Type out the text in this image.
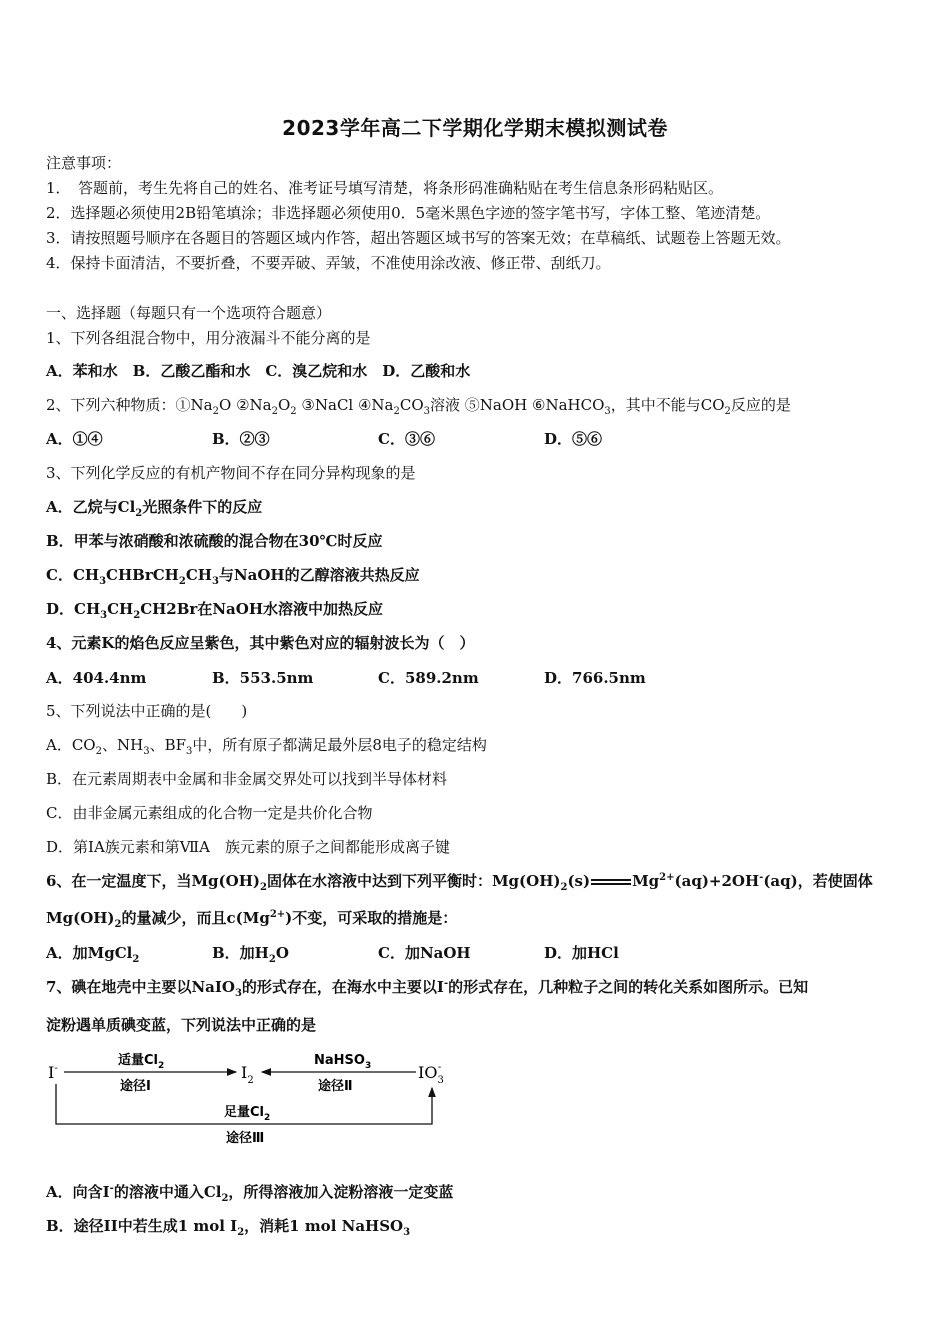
2023学年高二下学期化学期末模拟测试卷
注意事项：
1．　答题前，考生先将自己的姓名、准考证号填写清楚，将条形码准确粘贴在考生信息条形码粘贴区。
2．选择题必须使用2B铅笔填涂；非选择题必须使用0．5毫米黑色字迹的签字笔书写，字体工整、笔迹清楚。
3．请按照题号顺序在各题目的答题区域内作答，超出答题区域书写的答案无效；在草稿纸、试题卷上答题无效。
4．保持卡面清洁，不要折叠，不要弄破、弄皱，不准使用涂改液、修正带、刮纸刀。
一、选择题（每题只有一个选项符合题意）
1、下列各组混合物中，用分液漏斗不能分离的是
A．苯和水　B．乙酸乙酯和水　C．溴乙烷和水　D．乙酸和水
2、下列六种物质：$①Na_2O$ $②Na_2O_2$ ③NaCl $④Na_2CO_3$溶液 ⑤NaOH ⑥NaHCO$_3$，其中不能与$CO_2$反应的是
A．①④	B．②③	C．③⑥	D．⑤⑥
3、下列化学反应的有机产物间不存在同分异构现象的是
A．乙烷与$Cl_2$光照条件下的反应
B．甲苯与浓硝酸和浓硫酸的混合物在30℃时反应
C．$CH_3CHBrCH_2CH_3$与NaOH的乙醇溶液共热反应
D．$CH_3CH_2CH2Br$在NaOH水溶液中加热反应
4、元素K的焰色反应呈紫色，其中紫色对应的辐射波长为（　）
A．404.4nm	B．553.5nm	C．589.2nm	D．766.5nm
5、下列说法中正确的是(　　)
A．$CO_2$、$NH_3$、$BF_3$中，所有原子都满足最外层8电子的稳定结构
B．在元素周期表中金属和非金属交界处可以找到半导体材料
C．由非金属元素组成的化合物一定是共价化合物
D．第ⅠA族元素和第ⅦA　族元素的原子之间都能形成离子键
6、在一定温度下，当$Mg(OH)_2$固体在水溶液中达到下列平衡时：$Mg(OH)_2(s)$	$Mg^{2+}(aq)+2OH^-(aq)$，若使固体
$Mg(OH)_2$的量减少，而且$c(Mg^{2+})$不变，可采取的措施是：
A．加MgCl$_2$	B．加$H_2O$	C．加NaOH	D．加HCl
7、碘在地壳中主要以NaIO$_3$的形式存在，在海水中主要以I-的形式存在，几种粒子之间的转化关系如图所示。已知
淀粉遇单质碘变蓝，下列说法中正确的是
I-	$I_2$	$IO_3-$
适量$Cl_2$
途径Ⅰ
NaHSO$_3$
途径Ⅱ
足量$Cl_2$
途径Ⅲ
A．向含I-的溶液中通入$Cl_2$，所得溶液加入淀粉溶液一定变蓝
B．途径II中若生成1 mol $I_2$，消耗1 mol NaHSO$_3$
